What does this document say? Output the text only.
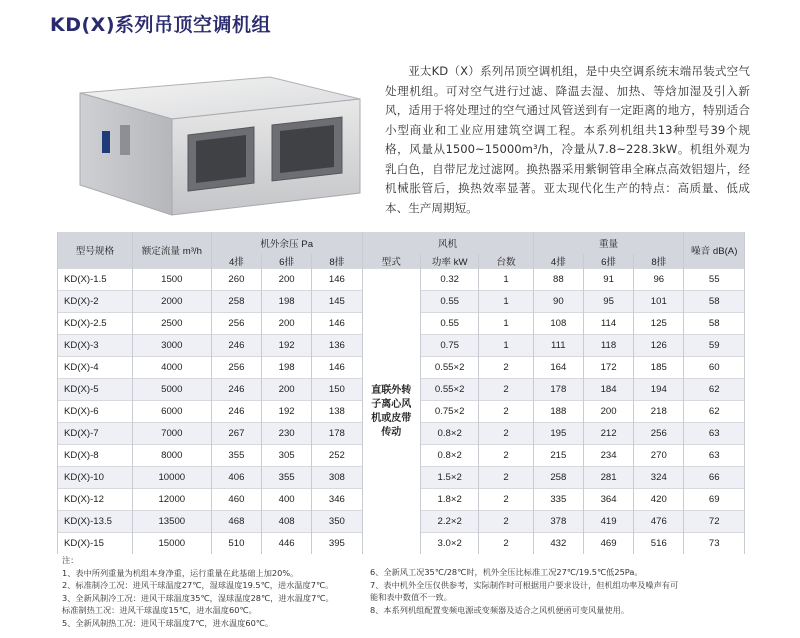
KD(X)系列吊顶空调机组
亚太KD（X）系列吊顶空调机组，是中央空调系统末端吊装式空气处理机组。可对空气进行过滤、降温去湿、加热、等焓加湿及引入新风，适用于将处理过的空气通过风管送到有一定距离的地方，特别适合小型商业和工业应用建筑空调工程。本系列机组共13种型号39个规格，风量从1500~15000m³/h，冷量从7.8~228.3kW。机组外观为乳白色，自带尼龙过滤网。换热器采用紫铜管串全麻点高效铝翅片，经机械胀管后，换热效率显著。亚太现代化生产的特点：高质量、低成本、生产周期短。
型号规格	额定流量 m³/h	机外余压 Pa			风机			重量			噪音 dB(A)
		4排	6排	8排	型式	功率 kW	台数	4排	6排	8排	
KD(X)-1.5	1500	260	200	146	直联外转子离心风机或皮带传动	0.32	1	88	91	96	55
KD(X)-2	2000	258	198	145		0.55	1	90	95	101	58
KD(X)-2.5	2500	256	200	146		0.55	1	108	114	125	58
KD(X)-3	3000	246	192	136		0.75	1	111	118	126	59
KD(X)-4	4000	256	198	146		0.55×2	2	164	172	185	60
KD(X)-5	5000	246	200	150		0.55×2	2	178	184	194	62
KD(X)-6	6000	246	192	138		0.75×2	2	188	200	218	62
KD(X)-7	7000	267	230	178		0.8×2	2	195	212	256	63
KD(X)-8	8000	355	305	252		0.8×2	2	215	234	270	63
KD(X)-10	10000	406	355	308		1.5×2	2	258	281	324	66
KD(X)-12	12000	460	400	346		1.8×2	2	335	364	420	69
KD(X)-13.5	13500	468	408	350		2.2×2	2	378	419	476	72
KD(X)-15	15000	510	446	395		3.0×2	2	432	469	516	73
注：
1、表中所列重量为机组本身净重，运行重量在此基础上加20%。
2、标准制冷工况：进风干球温度27℃，湿球温度19.5℃，进水温度7℃。
3、全新风制冷工况：进风干球温度35℃，湿球温度28℃，进水温度7℃。
标准制热工况：进风干球温度15℃，进水温度60℃。
5、全新风制热工况：进风干球温度7℃，进水温度60℃。
6、全新风工况35℃/28℃时，机外全压比标准工况27℃/19.5℃低25Pa。
7、表中机外全压仅供参考，实际制作时可根据用户要求设计，但机组功率及噪声有可
能和表中数值不一致。
8、本系列机组配置变频电源或变频器及适合之风机便函可变风量使用。
